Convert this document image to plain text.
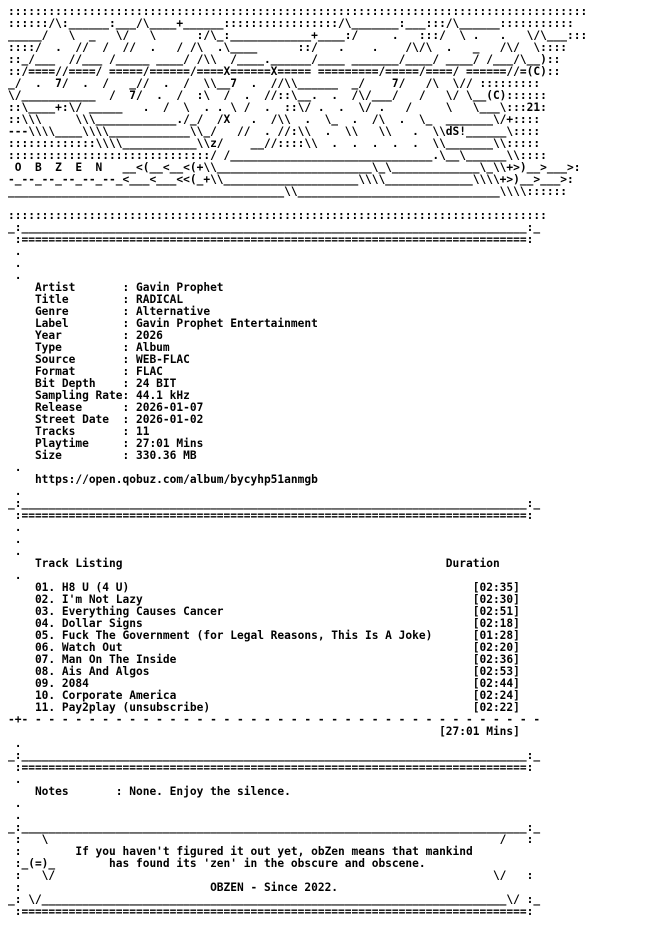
::::::::::::::::::::::::::::::::::::::::::::::::::::::::::::::::::::::::::::::::::::::
::::::/\:______:___/\____+______:::::::::::::::::/\_______:___:::/\______:::::::::::
_____/   \  _   \/   \      :/\_:____________+____:/     .   :::/  \ .   .   \/\___:::
::::/  .  //  /  //  .   / /\  .\____      ::/   .    .    /\/\  .   _   /\/  \::::
::_/___  //___ /_____ ____/ /\\  /____.______/____ _______/____/ ____/ /___/\__)::
::/====//====/ =====/======/====X======X===== =========/=====/====/ ======//=(C)::
_/  .  7/  .  /   _//  .  /  \\__7  .  //\\______  _/    7/   /\  \// :::::::::
\/___________  /  7/  .  /  :\  /  .  //::\__.  .  /\/___/   /   \/ \__(C)::::::
::\____+:\/ _____   .  /  \  . . \ /  .  ::\/ .  .  \/ .   /     \   \___\:::21:
::\\\     \\\____________./_/  /X   .  /\\  .  \_  .  /\  .  \_  _______\/+::::
---\\\\____\\\\____________\\_/   //  . //:\\  .  \\   \\   .  \\dS!______\::::
:::::::::::::\\\\___________\\z/    __//::::\\  .  .  .  .  .  \\_______\\:::::
::::::::::::::::::::::::::::::/ /______________________________.\__\______\\::::
O  B  Z  E  N   __<(__<__<(+\\_______________________\_\_____________\_\\+>)__>___>:
-_--_--_--_--_--_<___<___<<(_+\\____________________\\\\_____________\\\\+>)__>___>:
_________________________________________\\______________________________\\\\::::::
::::::::::::::::::::::::::::::::::::::::::::::::::::::::::::::::::::::::::::::::
_:___________________________________________________________________________:_
:===========================================================================:
.
.
.
Artist       : Gavin Prophet
Title        : RADICAL
Genre        : Alternative
Label        : Gavin Prophet Entertainment
Year         : 2026
Type         : Album
Source       : WEB-FLAC
Format       : FLAC
Bit Depth    : 24 BIT
Sampling Rate: 44.1 kHz
Release      : 2026-01-07
Street Date  : 2026-01-02
Tracks       : 11
Playtime     : 27:01 Mins
Size         : 330.36 MB
.
https://open.qobuz.com/album/bycyhp51anmgb
.
_:___________________________________________________________________________:_
:===========================================================================:
.
.
.
Track Listing                                                Duration
.
01. H8 U (4 U)                                                   [02:35]
02. I'm Not Lazy                                                 [02:30]
03. Everything Causes Cancer                                     [02:51]
04. Dollar Signs                                                 [02:18]
05. Fuck The Government (for Legal Reasons, This Is A Joke)      [01:28]
06. Watch Out                                                    [02:20]
07. Man On The Inside                                            [02:36]
08. Ais And Algos                                                [02:53]
09. 2084                                                         [02:44]
10. Corporate America                                            [02:24]
11. Pay2play (unsubscribe)                                       [02:22]
-+- - - - - - - - - - - - - - - - - - - - - - - - - - - - - - - - - - - - - - -
[27:01 Mins]
.
_:___________________________________________________________________________:_
:===========================================================================:
.
Notes       : None. Enjoy the silence.
.
.
_:___________________________________________________________________________:_
:   \                                                                   /   :
:        If you haven't figured it out yet, obZen means that mankind
:_(=)_        has found its 'zen' in the obscure and obscene.
:   \/                                                                 \/   :
:                            OBZEN - Since 2022.
_: \/_____________________________________________________________________\/ :_
:===========================================================================:
